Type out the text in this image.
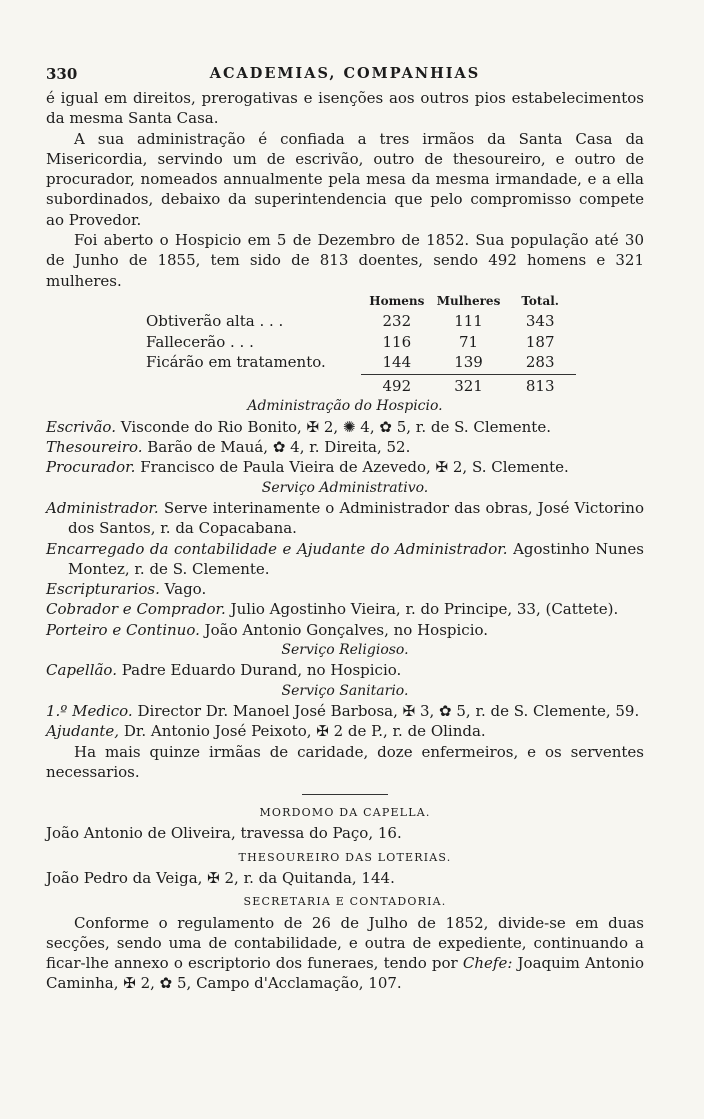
330	ACADEMIAS, COMPANHIAS

é igual em direitos, prerogativas e isenções aos outros pios estabelecimentos da mesma Santa Casa.

A sua administração é confiada a tres irmãos da Santa Casa da Misericordia, servindo um de escrivão, outro de thesoureiro, e outro de procurador, nomeados annualmente pela mesa da mesma irmandade, e a ella subordinados, debaixo da superintendencia que pelo compromisso compete ao Provedor.

Foi aberto o Hospicio em 5 de Dezembro de 1852. Sua população até 30 de Junho de 1855, tem sido de 813 doentes, sendo 492 homens e 321 mulheres.

Homens	Mulheres	Total.
Obtiverão alta . . .	232	111	343
Fallecerão . . .	116	71	187
Ficárão em tratamento.	144	139	283
492	321	813
Administração do Hospicio.

Escrivão. Visconde do Rio Bonito, ✠ 2, ✺ 4, ✿ 5, r. de S. Clemente.

Thesoureiro. Barão de Mauá, ✿ 4, r. Direita, 52.

Procurador. Francisco de Paula Vieira de Azevedo, ✠ 2, S. Clemente.

Serviço Administrativo.

Administrador. Serve interinamente o Administrador das obras, José Victorino dos Santos, r. da Copacabana.

Encarregado da contabilidade e Ajudante do Administrador. Agostinho Nunes Montez, r. de S. Clemente.

Escripturarios. Vago.

Cobrador e Comprador. Julio Agostinho Vieira, r. do Principe, 33, (Cattete).

Porteiro e Continuo. João Antonio Gonçalves, no Hospicio.

Serviço Religioso.

Capellão. Padre Eduardo Durand, no Hospicio.

Serviço Sanitario.

1.º Medico. Director Dr. Manoel José Barbosa, ✠ 3, ✿ 5, r. de S. Clemente, 59.

Ajudante, Dr. Antonio José Peixoto, ✠ 2 de P., r. de Olinda.

Ha mais quinze irmãas de caridade, doze enfermeiros, e os serventes necessarios.

MORDOMO DA CAPELLA.

João Antonio de Oliveira, travessa do Paço, 16.

THESOUREIRO DAS LOTERIAS.

João Pedro da Veiga, ✠ 2, r. da Quitanda, 144.

SECRETARIA E CONTADORIA.

Conforme o regulamento de 26 de Julho de 1852, divide-se em duas secções, sendo uma de contabilidade, e outra de expediente, continuando a ficar-lhe annexo o escriptorio dos funeraes, tendo por Chefe: Joaquim Antonio Caminha, ✠ 2, ✿ 5, Campo d'Acclamação, 107.
